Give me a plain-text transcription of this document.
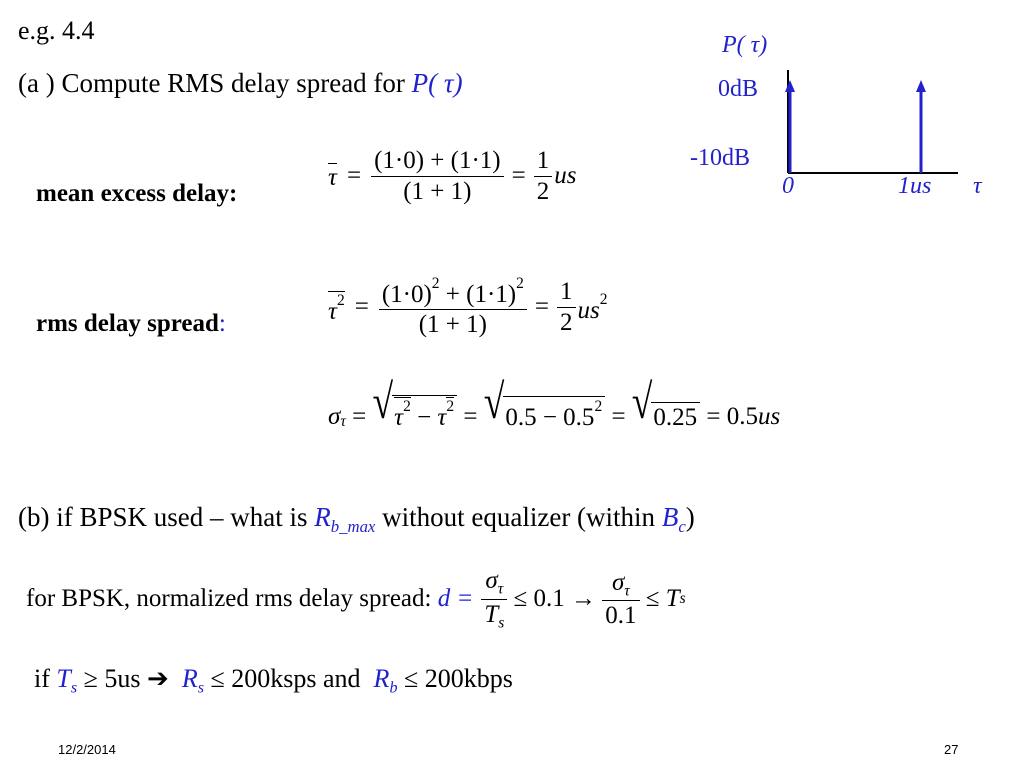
e.g. 4.4
(a ) Compute RMS delay spread for P( τ)
P( τ)
0dB
-10dB
0	1us τ
mean excess delay:
$\tau = \frac{(1\cdot 0) + (1\cdot 1)}{(1 + 1)} = \frac{1}{2}$ us
rms delay spread:	$\tau^2 = \frac{(1\cdot 0)^2 + (1\cdot 1)^2}{(1 + 1)} = \frac{1}{2} us^2$
$\sigma_\tau$ = √ $\tau^2 - \tau^2$ = √ $0.5 - 0.5^2$ = √ 0.25 = 0.5 us
(b) if BPSK used – what is $R_{b\_max}$ without equalizer (within $B_c$)
for BPSK, normalized rms delay spread: $d = \frac{\sigma_\tau}{T_s} \le 0.1 \to \frac{\sigma_\tau}{0.1} \le T$ s
if $T_s \ge 5us$ ➔ $R_s$ ≤ 200ksps and  $R_b$ ≤ 200kbps
12/2/2014	27
